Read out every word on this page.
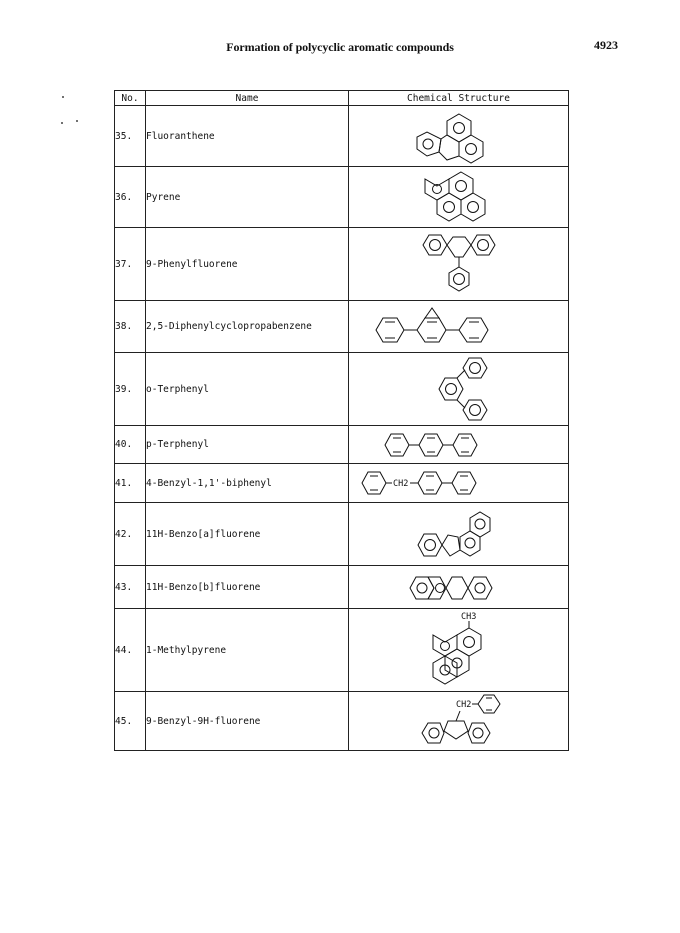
Formation of polycyclic aromatic compounds	4923
No.	Name	Chemical Structure
35.	Fluoranthene	

36.	Pyrene	

37.	9-Phenylfluorene	

38.	2,5-Diphenylcyclopropabenzene	

39.	o-Terphenyl	

40.	p-Terphenyl	

41.	4-Benzyl-1,1'-biphenyl	CH2

42.	11H-Benzo[a]fluorene	

43.	11H-Benzo[b]fluorene	

44.	1-Methylpyrene	CH3

45.	9-Benzyl-9H-fluorene	CH2
